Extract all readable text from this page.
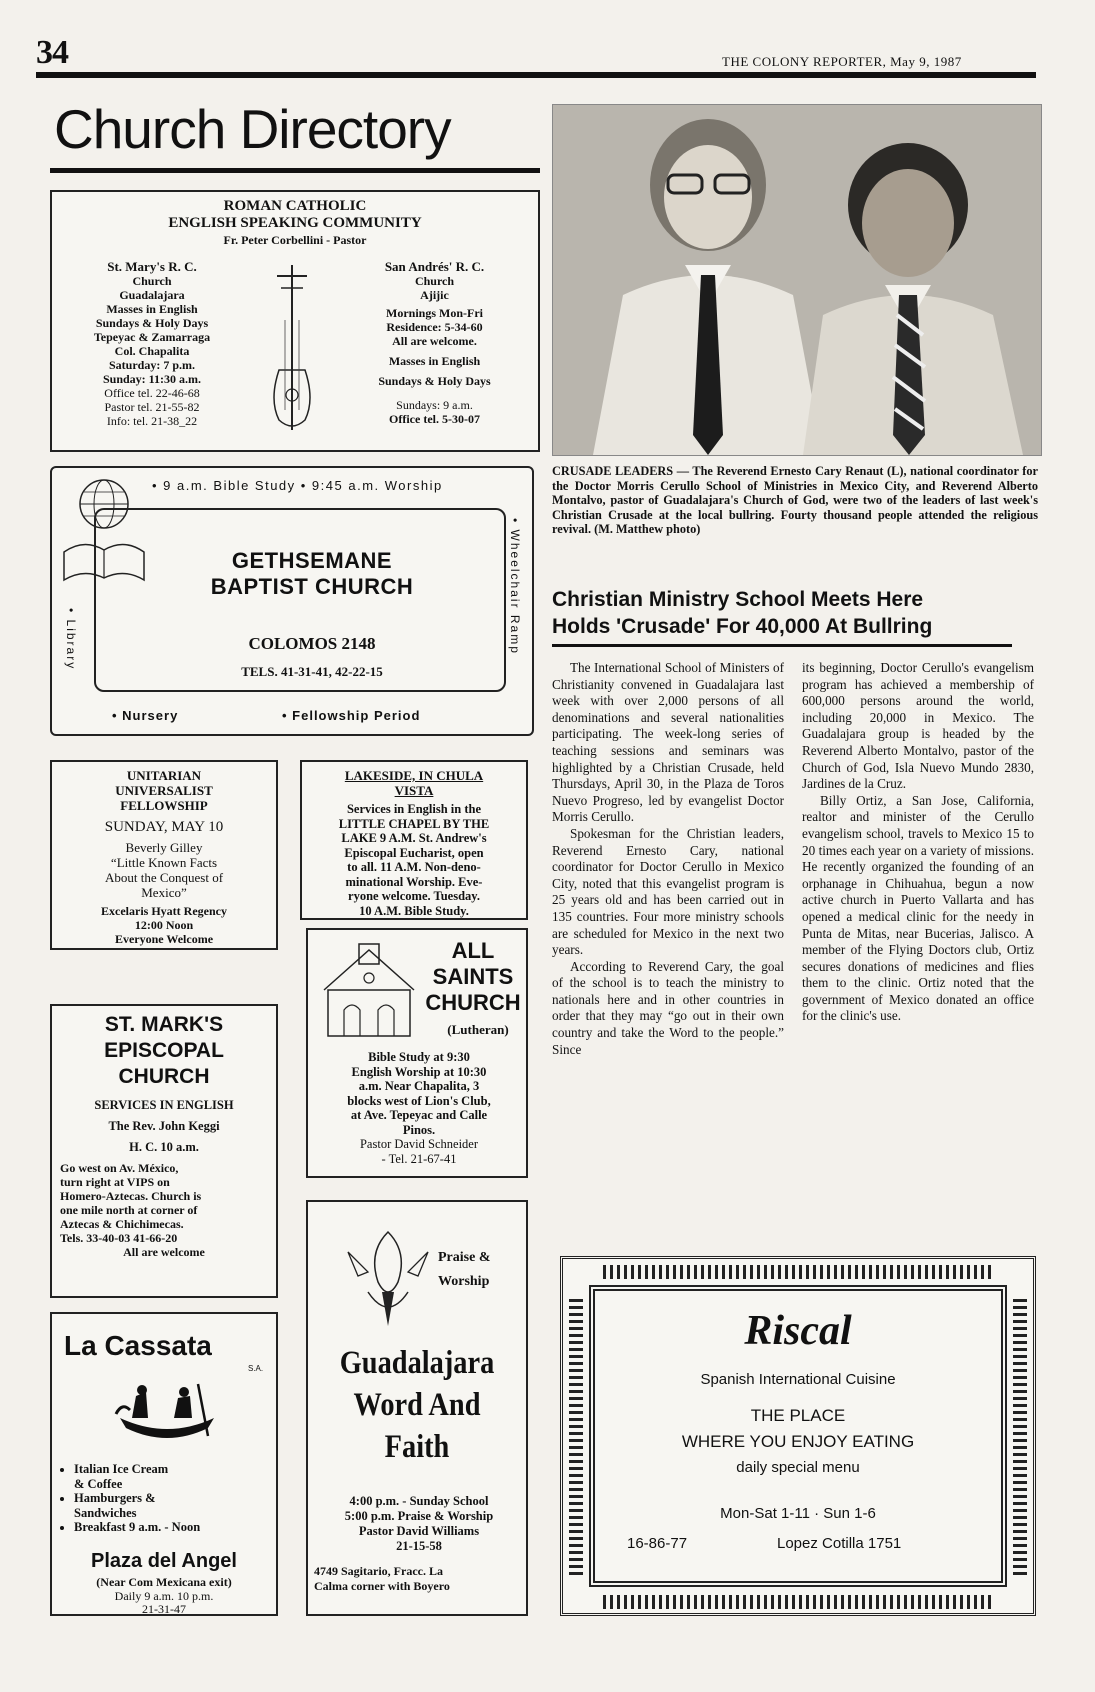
34	THE COLONY REPORTER, May 9, 1987
Church Directory
ROMAN CATHOLIC
ENGLISH SPEAKING COMMUNITY
Fr. Peter Corbellini - Pastor
St. Mary's R. C.
Church
Guadalajara
Masses in English
Sundays & Holy Days
Tepeyac & Zamarraga
Col. Chapalita
Saturday: 7 p.m.
Sunday: 11:30 a.m.
Office tel. 22-46-68
Pastor tel. 21-55-82
Info: tel. 21-38_22
San Andrés' R. C.
Church
Ajijic
Mornings Mon-Fri
Residence: 5-34-60
All are welcome.
Masses in English
Sundays & Holy Days
Sundays: 9 a.m.
Office tel. 5-30-07
• 9 a.m. Bible Study • 9:45 a.m. Worship
GETHSEMANE
BAPTIST CHURCH
COLOMOS 2148
TELS. 41-31-41, 42-22-15
• Library	• Wheelchair Ramp
• Nursery	• Fellowship Period
UNITARIAN
UNIVERSALIST
FELLOWSHIP
SUNDAY, MAY 10
Beverly Gilley
“Little Known Facts
About the Conquest of
Mexico”
Excelaris Hyatt Regency
12:00 Noon
Everyone Welcome
LAKESIDE, IN CHULA
VISTA
Services in English in the
LITTLE CHAPEL BY THE
LAKE 9 A.M. St. Andrew's
Episcopal Eucharist, open
to all. 11 A.M. Non-deno-
minational Worship. Eve-
ryone welcome. Tuesday.
10 A.M. Bible Study.
ALL
SAINTS
CHURCH
(Lutheran)
Bible Study at 9:30
English Worship at 10:30
a.m. Near Chapalita, 3
blocks west of Lion's Club,
at Ave. Tepeyac and Calle
Pinos.
Pastor David Schneider
- Tel. 21-67-41
ST. MARK'S
EPISCOPAL
CHURCH
SERVICES IN ENGLISH
The Rev. John Keggi
H. C. 10 a.m.
Go west on Av. México,
turn right at VIPS on
Homero-Aztecas. Church is
one mile north at corner of
Aztecas & Chichimecas.
Tels. 33-40-03 41-66-20
All are welcome
La Cassata
S.A.
• Italian Ice Cream
& Coffee
• Hamburgers &
Sandwiches
• Breakfast 9 a.m. - Noon
Plaza del Angel
(Near Com Mexicana exit)
Daily 9 a.m. 10 p.m.
21-31-47
Praise &
Worship
Guadalajara
Word And
Faith
4:00 p.m. - Sunday School
5:00 p.m. Praise & Worship
Pastor David Williams
21-15-58
4749 Sagitario, Fracc. La
Calma corner with Boyero
CRUSADE LEADERS — The Reverend Ernesto Cary Renaut (L), national coordinator for the Doctor Morris Cerullo School of Ministries in Mexico City, and Reverend Alberto Montalvo, pastor of Guadalajara's Church of God, were two of the leaders of last week's Christian Crusade at the local bullring. Fourty thousand people attended the religious revival. (M. Matthew photo)
Christian Ministry School Meets Here
Holds 'Crusade' For 40,000 At Bullring

The International School of Ministers of Christianity convened in Guadalajara last week with over 2,000 persons of all denominations and several nationalities participating. The week-long series of teaching sessions and seminars was highlighted by a Christian Crusade, held Thursdays, April 30, in the Plaza de Toros Nuevo Progreso, led by evangelist Doctor Morris Cerullo.

Spokesman for the Christian leaders, Reverend Ernesto Cary, national coordinator for Doctor Cerullo in Mexico City, noted that this evangelist program is 25 years old and has been carried out in 135 countries. Four more ministry schools are scheduled for Mexico in the next two years.

According to Reverend Cary, the goal of the school is to teach the ministry to nationals here and in other countries in order that they may “go out in their own country and take the Word to the people.” Since

its beginning, Doctor Cerullo's evangelism program has achieved a membership of 600,000 persons around the world, including 20,000 in Mexico. The Guadalajara group is headed by the Reverend Alberto Montalvo, pastor of the Church of God, Isla Nuevo Mundo 2830, Jardines de la Cruz.

Billy Ortiz, a San Jose, California, realtor and minister of the Cerullo evangelism school, travels to Mexico 15 to 20 times each year on a variety of missions. He recently organized the founding of an orphanage in Chihuahua, begun a now active church in Puerto Vallarta and has opened a medical clinic for the needy in Punta de Mitas, near Bucerias, Jalisco. A member of the Flying Doctors club, Ortiz secures donations of medicines and flies them to the clinic. Ortiz noted that the government of Mexico donated an office for the clinic's use.

Riscal
Spanish International Cuisine
THE PLACE
WHERE YOU ENJOY EATING
daily special menu
Mon-Sat 1-11 · Sun 1-6
16-86-77	Lopez Cotilla 1751
